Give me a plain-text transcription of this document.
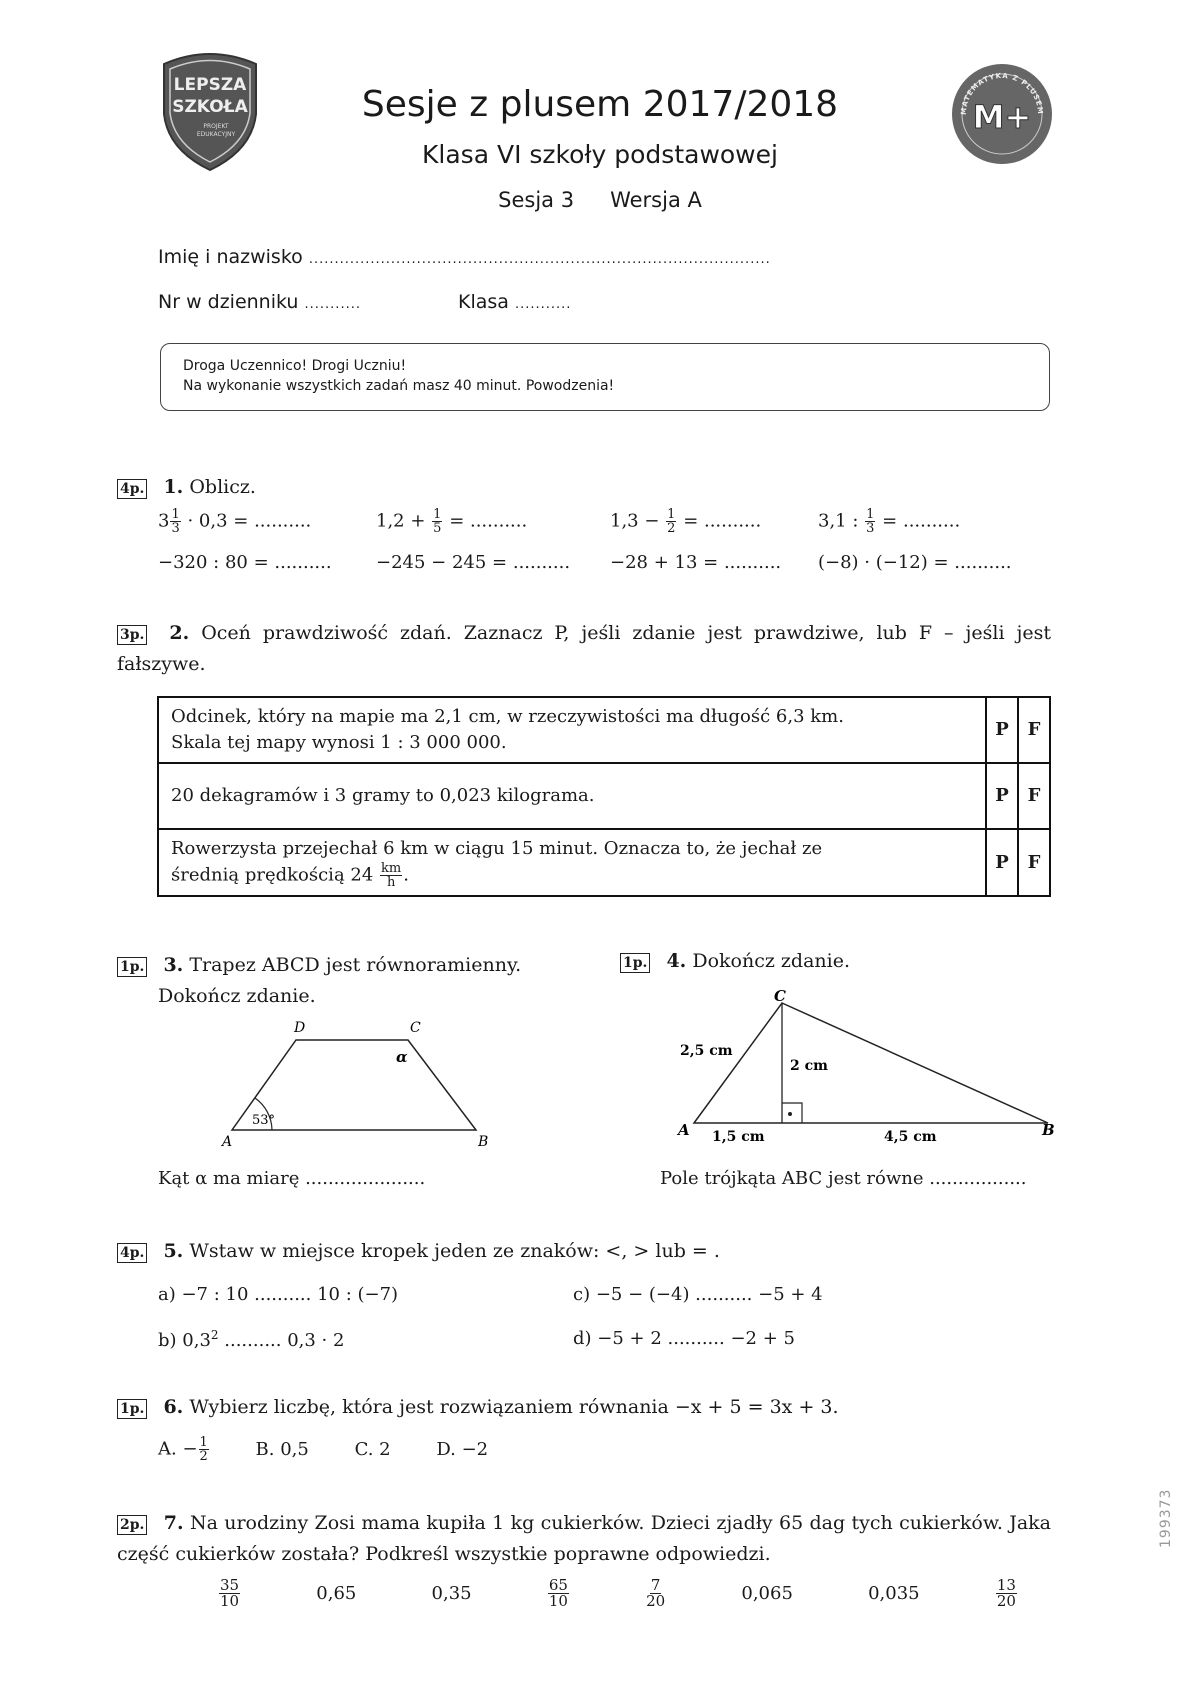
LEPSZA
SZKOŁA
PROJEKT
EDUKACYJNY
MATEMATYKA Z PLUSEM
M+
Sesje z plusem 2017/2018
Klasa VI szkoły podstawowej
Sesja 3 Wersja A
Imię i nazwisko ..........................................................................................
Nr w dzienniku ...........	Klasa ...........
Droga Uczennico! Drogi Uczniu!
Na wykonanie wszystkich zadań masz 40 minut. Powodzenia!
4p. 1. Oblicz.
$3 \frac{1}{3} \cdot 0,3$ = ..........	$1,2 + \frac{1}{5}$ = ..........	$1,3 - \frac{1}{2}$ = ..........	3,1 : $\frac{1}{3}$ = ..........
−320 : 80 = .......... −245 − 245 = .......... −28 + 13 = .......... (−8) · (−12) = ..........
3p. 2. Oceń prawdziwość zdań. Zaznacz P, jeśli zdanie jest prawdziwe, lub F – jeśli jest fałszywe.
Odcinek, który na mapie ma 2,1 cm, w rzeczywistości ma długość 6,3 km.
Skala tej mapy wynosi 1 : 3 000 000.	P	F
20 dekagramów i 3 gramy to 0,023 kilograma.	P	F

Rowerzysta przejechał 6 km w ciągu 15 minut. Oznacza to, że jechał ze
średnią prędkością $24 \frac{km}{h}$ .	P	F
1p. 3. Trapez ABCD jest równoramienny.
Dokończ zdanie.
D	C
A	B
α
53°
Kąt α ma miarę .....................
1p. 4. Dokończ zdanie.
C
A	B
2,5 cm
2 cm
1,5 cm	4,5 cm
Pole trójkąta ABC jest równe .................
4p. 5. Wstaw w miejsce kropek jeden ze znaków: <, > lub = .
a) −7 : 10 .......... 10 : (−7)	c) −5 − (−4) .......... −5 + 4
b) $0,3^2$ .......... 0,3 · 2	d) −5 + 2 .......... −2 + 5
1p. 6. Wybierz liczbę, która jest rozwiązaniem równania −x + 5 = 3x + 3.
A. − $\frac{1}{2}$	B. 0,5	C. 2	D. −2
2p. 7. Na urodziny Zosi mama kupiła 1 kg cukierków. Dzieci zjadły 65 dag tych cukierków. Jaka część cukierków została? Podkreśl wszystkie poprawne odpowiedzi.
$\frac{35}{10}$	0,65	0,35	$\frac{65}{10}$	$\frac{7}{20}$	0,065	0,035	$\frac{13}{20}$
199373
